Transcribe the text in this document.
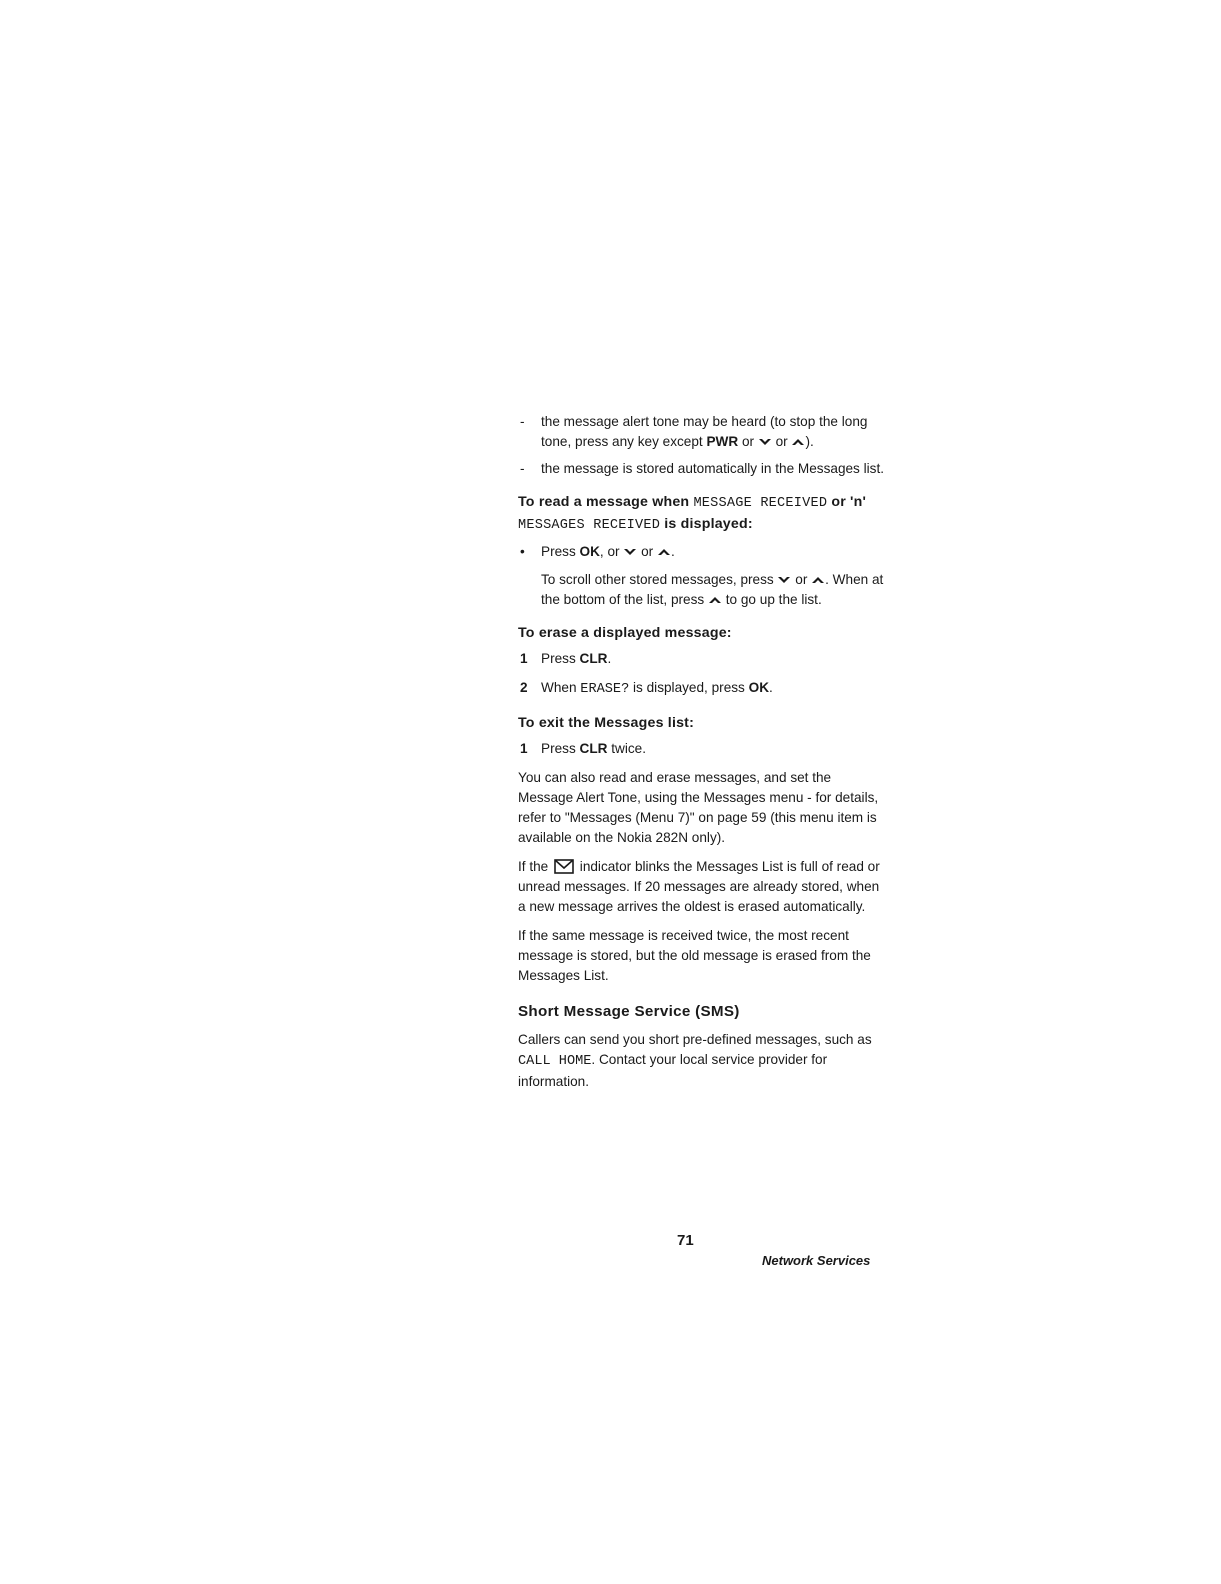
- the message alert tone may be heard (to stop the long tone, press any key except PWR or  or ).
- the message is stored automatically in the Messages list.
To read a message when MESSAGE RECEIVED or 'n' MESSAGES RECEIVED is displayed:
• Press OK, or  or .
To scroll other stored messages, press  or . When at the bottom of the list, press  to go up the list.
To erase a displayed message:
1 Press CLR.
2 When ERASE? is displayed, press OK.
To exit the Messages list:
1 Press CLR twice.
You can also read and erase messages, and set the Message Alert Tone, using the Messages menu - for details, refer to "Messages (Menu 7)" on page 59 (this menu item is available on the Nokia 282N only).
If the  indicator blinks the Messages List is full of read or unread messages. If 20 messages are already stored, when a new message arrives the oldest is erased automatically.
If the same message is received twice, the most recent message is stored, but the old message is erased from the Messages List.
Short Message Service (SMS)
Callers can send you short pre-defined messages, such as CALL HOME. Contact your local service provider for information.
71
Network Services
